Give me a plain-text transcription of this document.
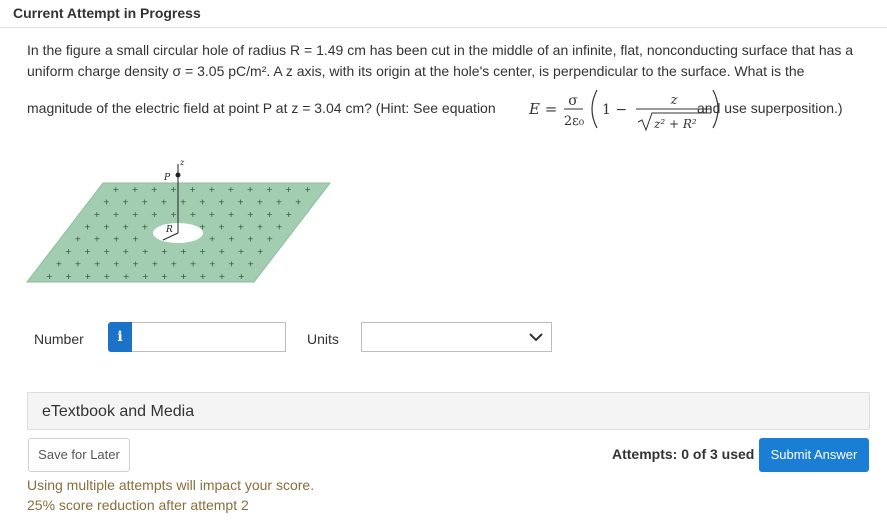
Current Attempt in Progress
In the figure a small circular hole of radius R = 1.49 cm has been cut in the middle of an infinite, flat, nonconducting surface that has a
uniform charge density σ = 3.05 pC/m². A z axis, with its origin at the hole's center, is perpendicular to the surface. What is the
magnitude of the electric field at point P at z = 3.04 cm? (Hint: See equation E = σ
2ε₀
1 −
z
z² + R²
and use superposition.)
+ + + + + + + + + + +
+ + + + + + + + + + +
+ + + + + + + + + + +
+ + + +	+ + + + +
+ + + +	+ + + +
+ + + + + + + + + + +
+ + + + + + + + + + +
+ + + + + + + + + + +
z
P
R
Number	i	Units
eTextbook and Media
Save for Later	Attempts: 0 of 3 used	Submit Answer
Using multiple attempts will impact your score.
25% score reduction after attempt 2
